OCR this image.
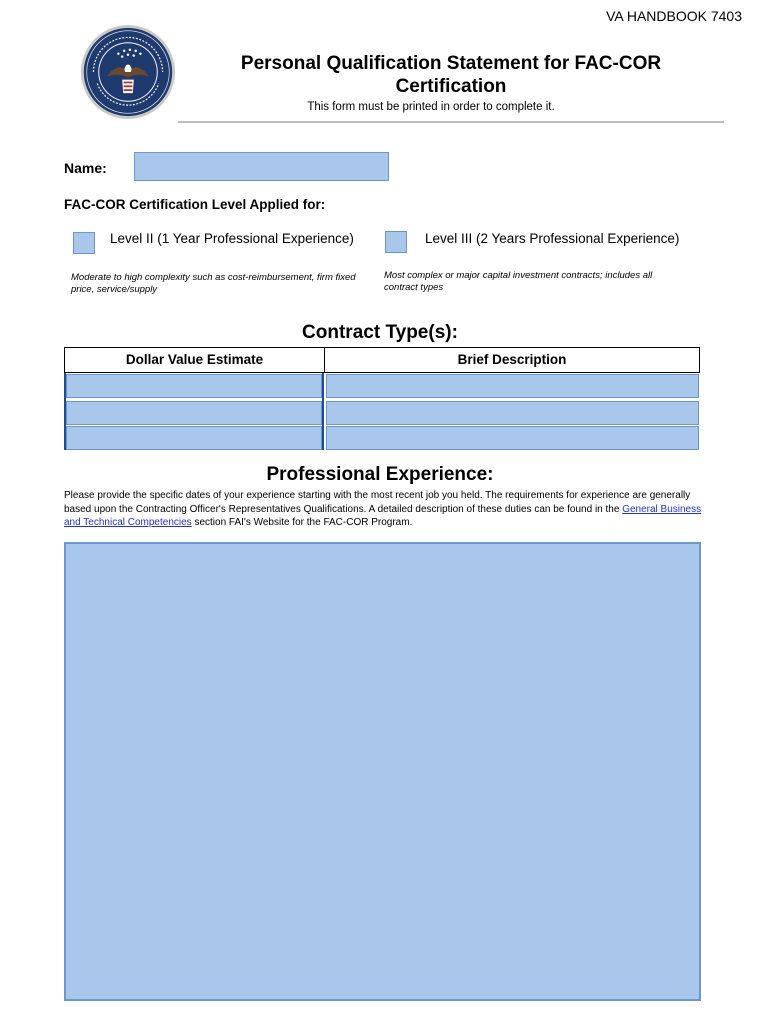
VA HANDBOOK 7403
Personal Qualification Statement for FAC-COR
Certification
This form must be printed in order to complete it.
Name:
FAC-COR Certification Level Applied for:
Level II (1 Year Professional Experience)
Moderate to high complexity such as cost-reimbursement, firm fixed price, service/supply
Level III (2 Years Professional Experience)
Most complex or major capital investment contracts; includes all contract types
Contract Type(s):
Dollar Value Estimate	Brief Description
Professional Experience:
Please provide the specific dates of your experience starting with the most recent job you held. The requirements for experience are generally based upon the Contracting Officer's Representatives Qualifications. A detailed description of these duties can be found in the General Business and Technical Competencies section FAI's Website for the FAC-COR Program.
